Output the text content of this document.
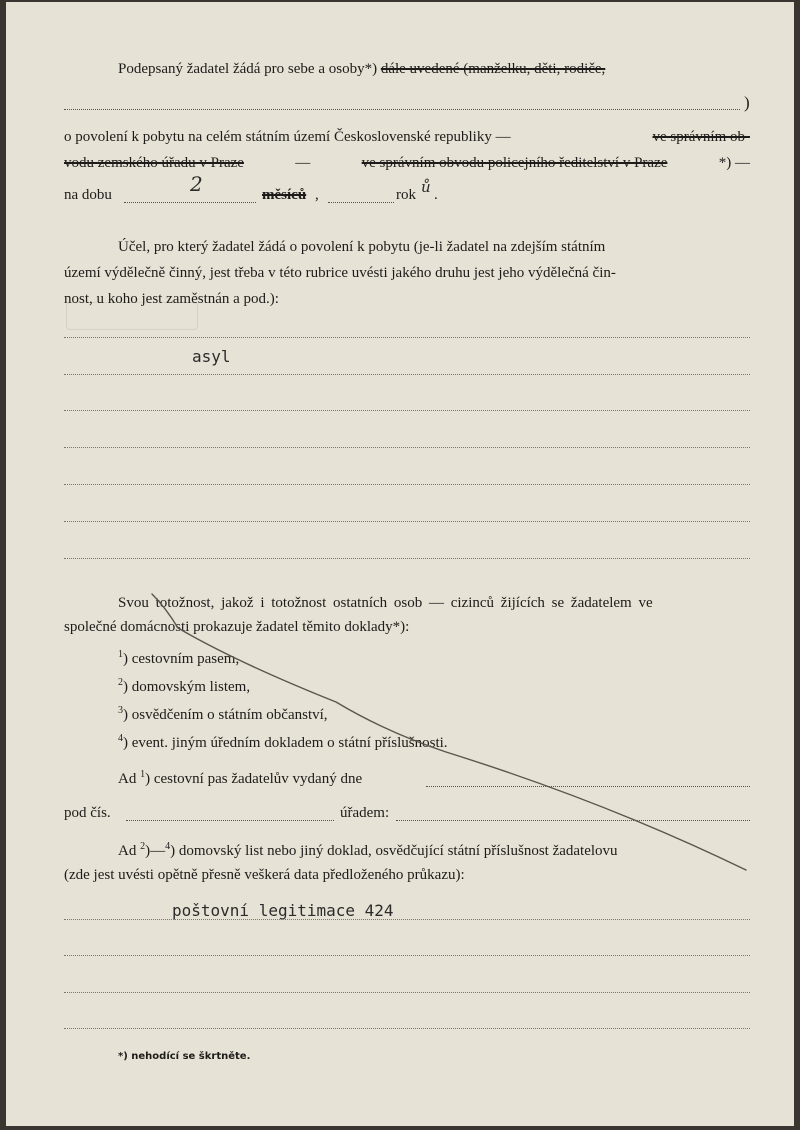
Podepsaný žadatel žádá pro sebe a osoby*) dále uvedené (manželku, děti, rodiče,
)
o povolení k pobytu na celém státním území Československé republiky —	ve správním ob-
vodu zemského úřadu v Praze	—	ve správním obvodu policejního ředitelství v Praze	*) —
na dobu	2	měsíců ,	rok ů .
Účel, pro který žadatel žádá o povolení k pobytu (je-li žadatel na zdejším státním
území výdělečně činný, jest třeba v této rubrice uvésti jakého druhu jest jeho výdělečná čin-
nost, u koho jest zaměstnán a pod.):
asyl
Svou totožnost, jakož i totožnost ostatních osob — cizinců žijících se žadatelem ve
společné domácnosti prokazuje žadatel těmito doklady*):
$^1$) cestovním pasem,
$^2$) domovským listem,
$^3$) osvědčením o státním občanství,
$^4$) event. jiným úředním dokladem o státní příslušnosti.
Ad $^1$) cestovní pas žadatelův vydaný dne
pod čís.	úřadem:
Ad $^2$)—$^4$) domovský list nebo jiný doklad, osvědčující státní příslušnost žadatelovu
(zde jest uvésti opětně přesně veškerá data předloženého průkazu):
poštovní legitimace 424
*) nehodící se škrtněte.
